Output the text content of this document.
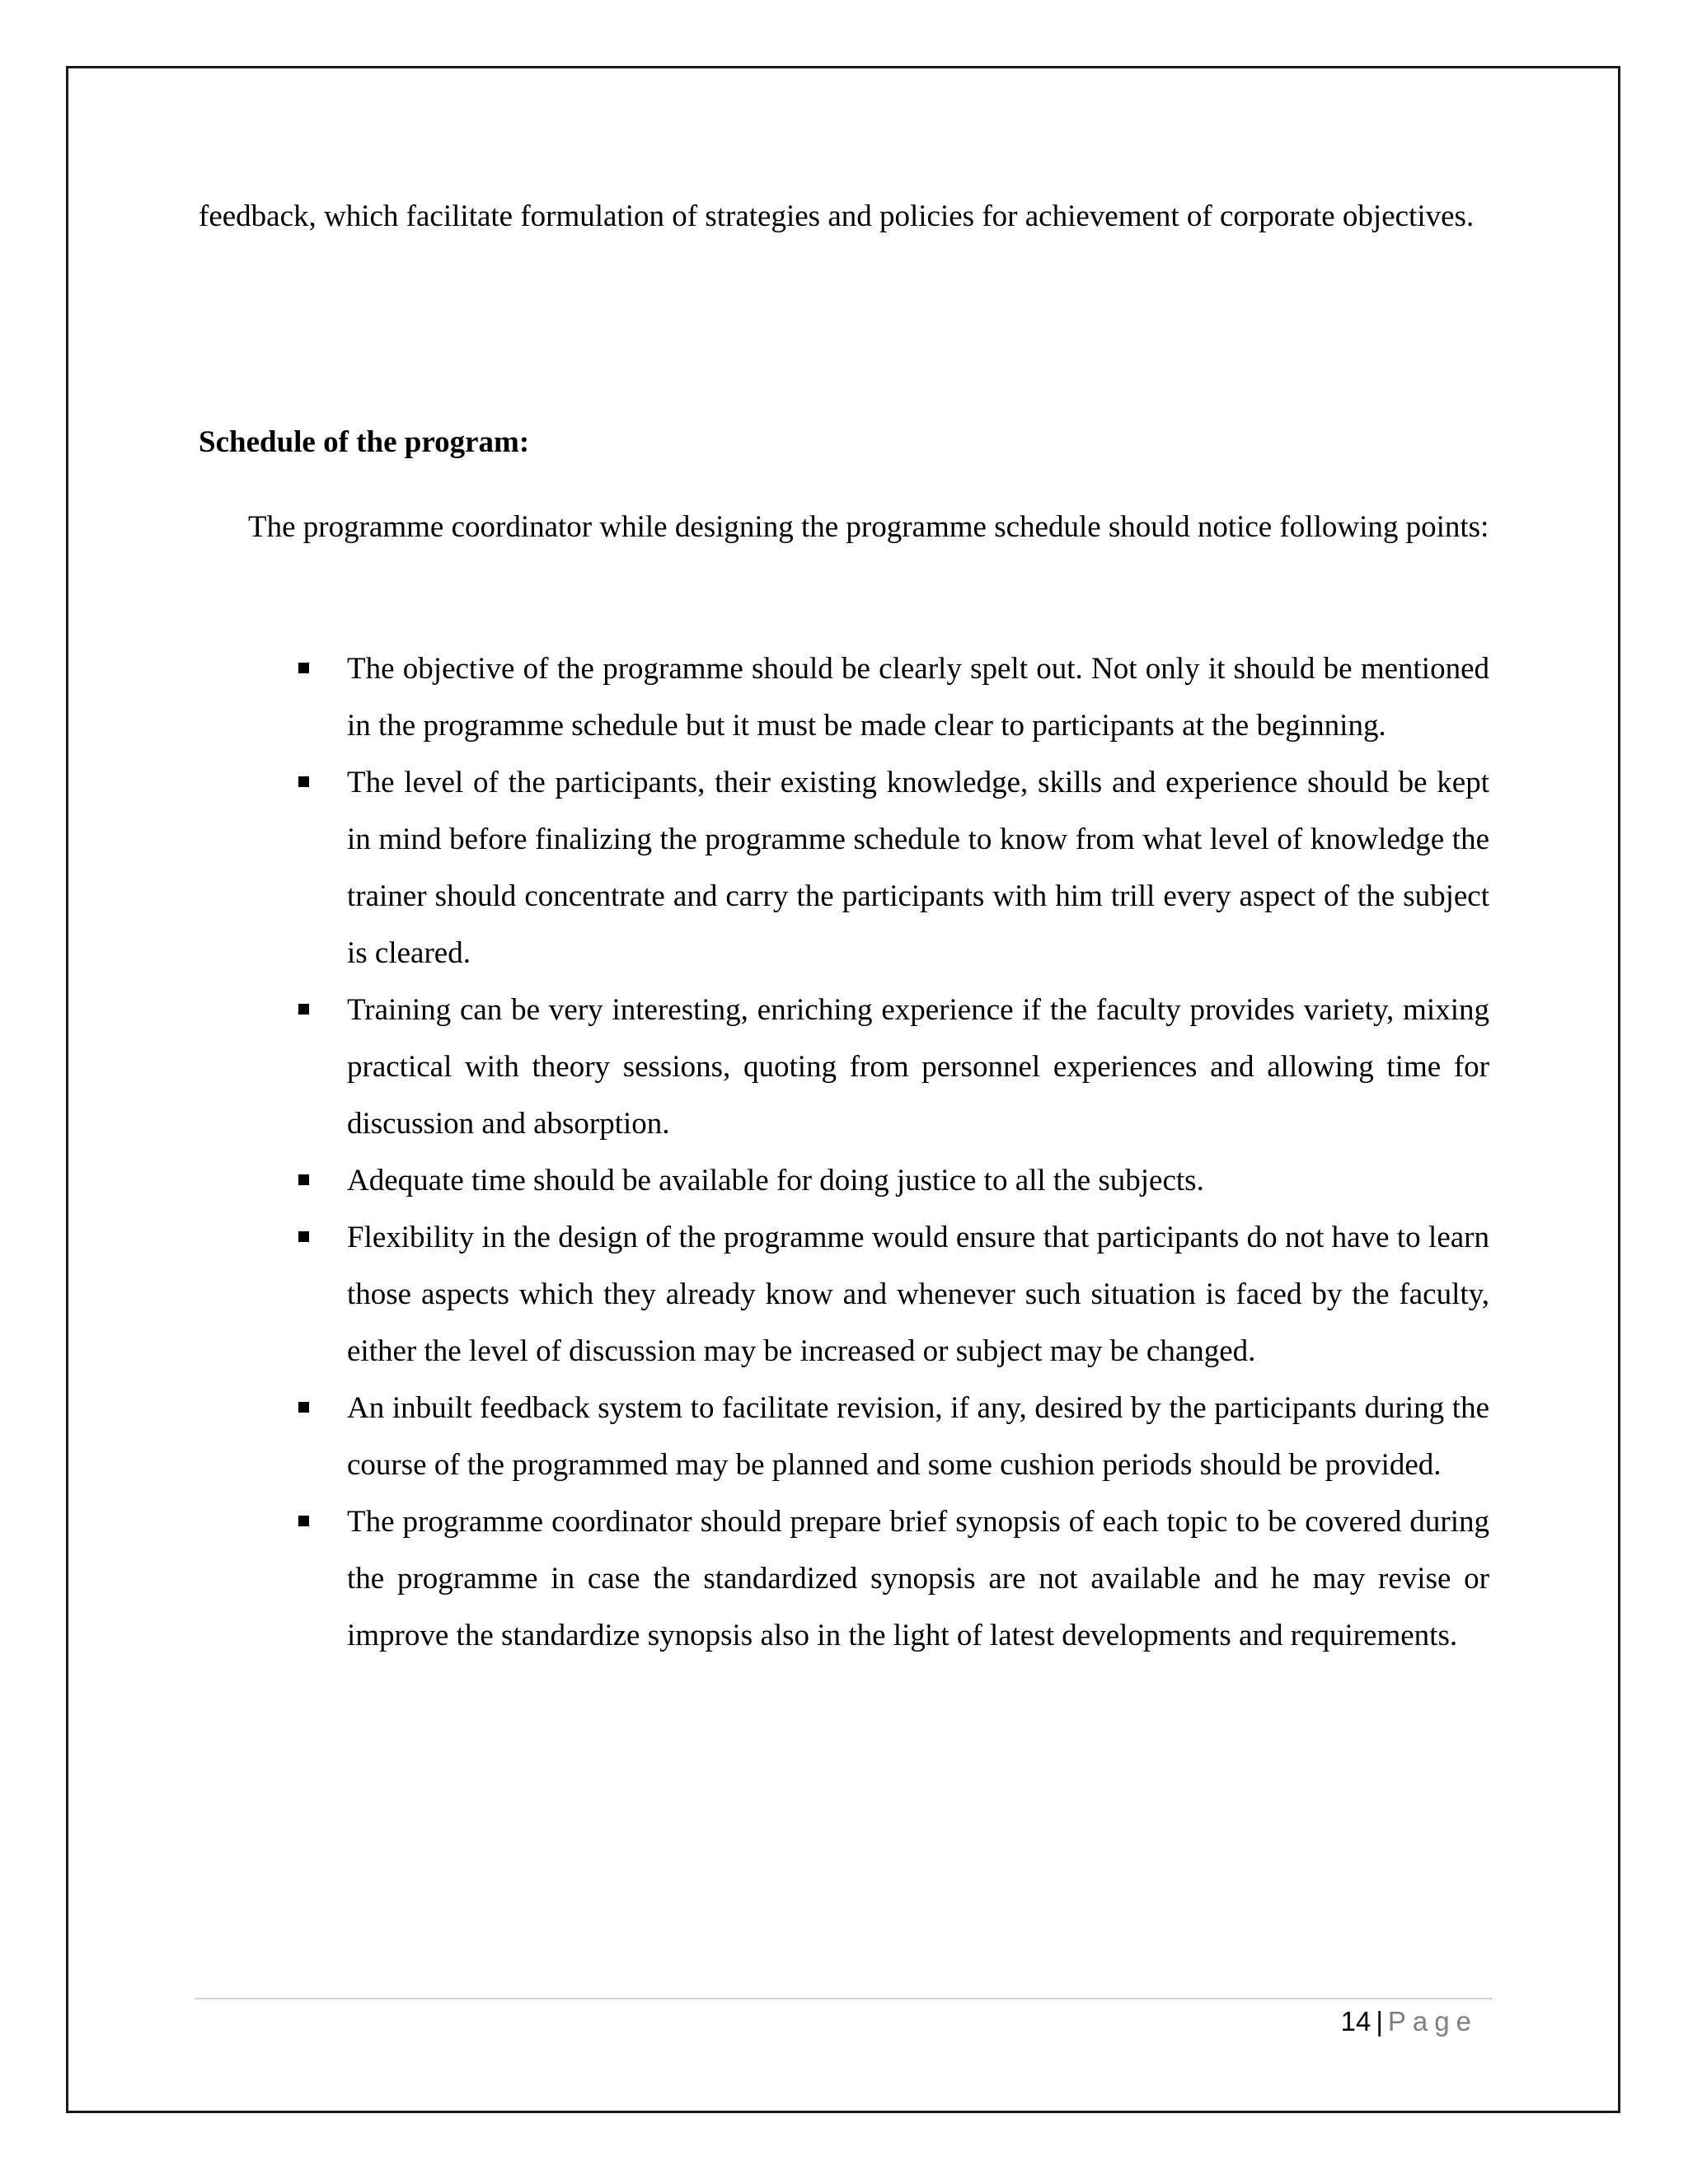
feedback, which facilitate formulation of strategies and policies for achievement of corporate objectives.

Schedule of the program:

The programme coordinator while designing the programme schedule should notice following points:

The objective of the programme should be clearly spelt out. Not only it should be mentioned in the programme schedule but it must be made clear to participants at the beginning.
The level of the participants, their existing knowledge, skills and experience should be kept in mind before finalizing the programme schedule to know from what level of knowledge the trainer should concentrate and carry the participants with him trill every aspect of the subject is cleared.
Training can be very interesting, enriching experience if the faculty provides variety, mixing practical with theory sessions, quoting from personnel experiences and allowing time for discussion and absorption.
Adequate time should be available for doing justice to all the subjects.
Flexibility in the design of the programme would ensure that participants do not have to learn those aspects which they already know and whenever such situation is faced by the faculty, either the level of discussion may be increased or subject may be changed.
An inbuilt feedback system to facilitate revision, if any, desired by the participants during the course of the programmed may be planned and some cushion periods should be provided.
The programme coordinator should prepare brief synopsis of each topic to be covered during the programme in case the standardized synopsis are not available and he may revise or improve the standardize synopsis also in the light of latest developments and requirements.
14 | Page
